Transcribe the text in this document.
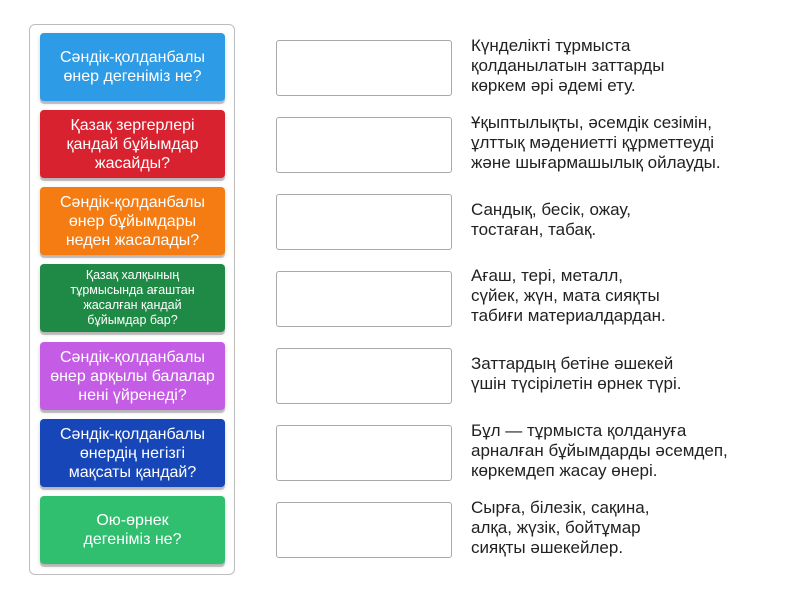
Сәндік-қолданбалы
өнер дегеніміз не?
Қазақ зергерлері
қандай бұйымдар
жасайды?
Сәндік-қолданбалы
өнер бұйымдары
неден жасалады?
Қазақ халқының
тұрмысында ағаштан
жасалған қандай
бұйымдар бар?
Сәндік-қолданбалы
өнер арқылы балалар
нені үйренеді?
Сәндік-қолданбалы
өнердің негізгі
мақсаты қандай?
Ою-өрнек
дегеніміз не?
Күнделікті тұрмыста
қолданылатын заттарды
көркем әрі әдемі ету.
Ұқыптылықты, әсемдік сезімін,
ұлттық мәдениетті құрметтеуді
және шығармашылық ойлауды.
Сандық, бесік, ожау,
тостаған, табақ.
Ағаш, тері, металл,
сүйек, жүн, мата сияқты
табиғи материалдардан.
Заттардың бетіне әшекей
үшін түсірілетін өрнек түрі.
Бұл — тұрмыста қолдануға
арналған бұйымдарды әсемдеп,
көркемдеп жасау өнері.
Сырға, білезік, сақина,
алқа, жүзік, бойтұмар
сияқты әшекейлер.
